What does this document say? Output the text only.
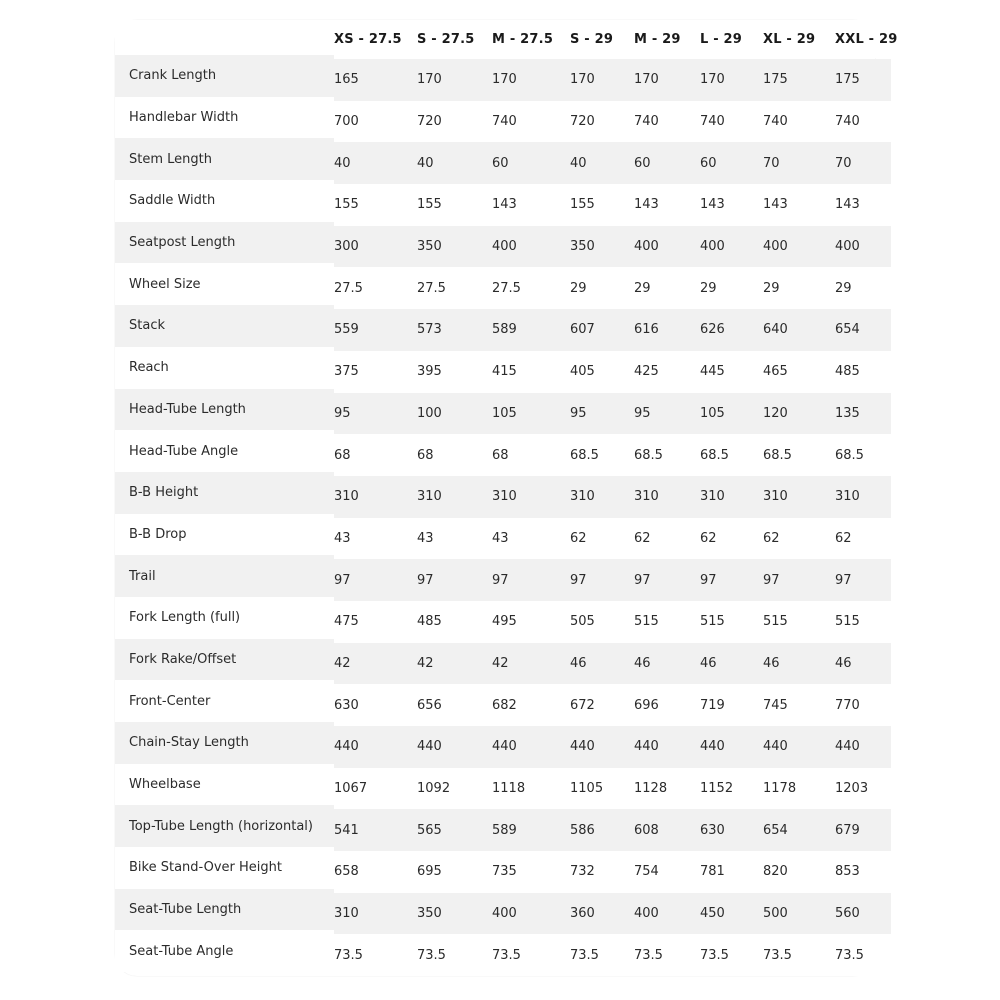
	XS - 27.5	S - 27.5	M - 27.5	S - 29	M - 29	L - 29	XL - 29	XXL - 29
Crank Length	165	170	170	170	170	170	175	175
Handlebar Width	700	720	740	720	740	740	740	740
Stem Length	40	40	60	40	60	60	70	70
Saddle Width	155	155	143	155	143	143	143	143
Seatpost Length	300	350	400	350	400	400	400	400
Wheel Size	27.5	27.5	27.5	29	29	29	29	29
Stack	559	573	589	607	616	626	640	654
Reach	375	395	415	405	425	445	465	485
Head-Tube Length	95	100	105	95	95	105	120	135
Head-Tube Angle	68	68	68	68.5	68.5	68.5	68.5	68.5
B-B Height	310	310	310	310	310	310	310	310
B-B Drop	43	43	43	62	62	62	62	62
Trail	97	97	97	97	97	97	97	97
Fork Length (full)	475	485	495	505	515	515	515	515
Fork Rake/Offset	42	42	42	46	46	46	46	46
Front-Center	630	656	682	672	696	719	745	770
Chain-Stay Length	440	440	440	440	440	440	440	440
Wheelbase	1067	1092	1118	1105	1128	1152	1178	1203
Top-Tube Length (horizontal)	541	565	589	586	608	630	654	679
Bike Stand-Over Height	658	695	735	732	754	781	820	853
Seat-Tube Length	310	350	400	360	400	450	500	560
Seat-Tube Angle	73.5	73.5	73.5	73.5	73.5	73.5	73.5	73.5
